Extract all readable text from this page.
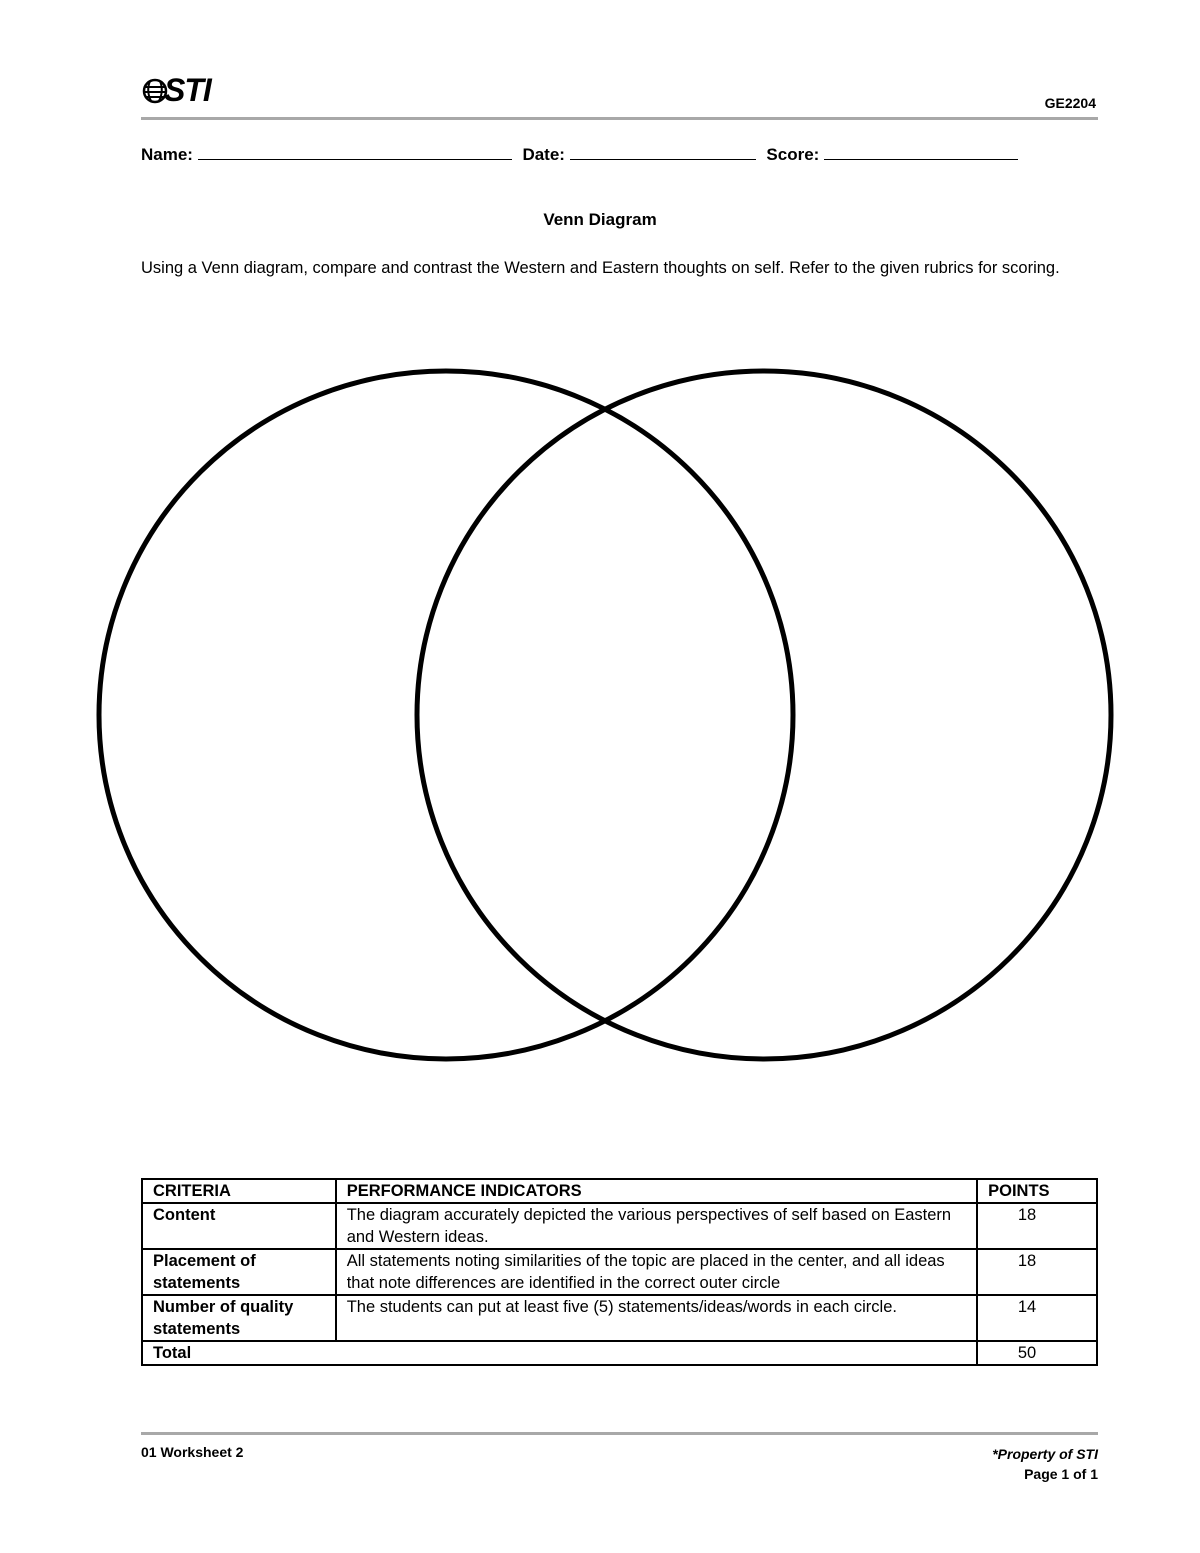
STI	GE2204
Name:	Date:	Score:
Venn Diagram
Using a Venn diagram, compare and contrast the Western and Eastern thoughts on self. Refer to the given rubrics for scoring.
CRITERIA	PERFORMANCE INDICATORS	POINTS
Content	The diagram accurately depicted the various perspectives of self based on Eastern and Western ideas.	18
Placement of statements	All statements noting similarities of the topic are placed in the center, and all ideas that note differences are identified in the correct outer circle	18
Number of quality statements	The students can put at least five (5) statements/ideas/words in each circle.	14
Total		50
01 Worksheet 2	*Property of STI
Page 1 of 1
